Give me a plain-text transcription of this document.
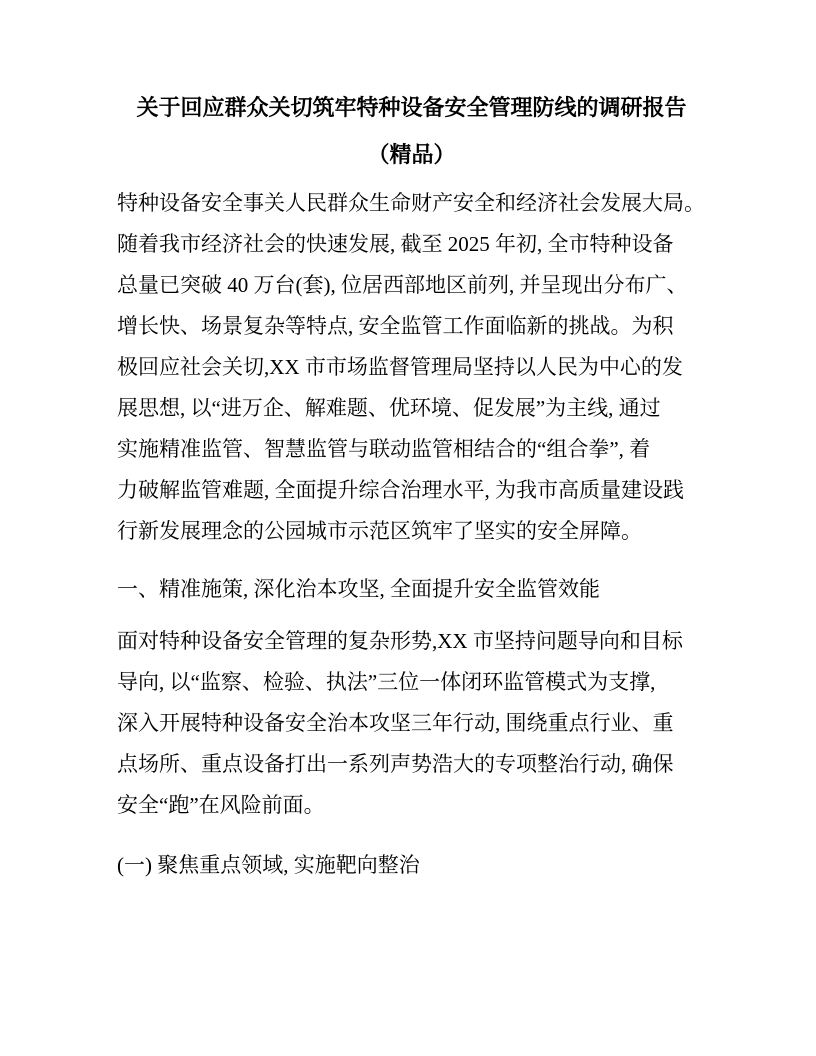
关于回应群众关切筑牢特种设备安全管理防线的调研报告
（精品）
特种设备安全事关人民群众生命财产安全和经济社会发展大局。
随着我市经济社会的快速发展, 截至 2025 年初, 全市特种设备
总量已突破 40 万台(套), 位居西部地区前列, 并呈现出分布广、
增长快、场景复杂等特点, 安全监管工作面临新的挑战。为积
极回应社会关切,XX 市市场监督管理局坚持以人民为中心的发
展思想, 以“进万企、解难题、优环境、促发展”为主线, 通过
实施精准监管、智慧监管与联动监管相结合的“组合拳”, 着
力破解监管难题, 全面提升综合治理水平, 为我市高质量建设践
行新发展理念的公园城市示范区筑牢了坚实的安全屏障。
一、精准施策, 深化治本攻坚, 全面提升安全监管效能
面对特种设备安全管理的复杂形势,XX 市坚持问题导向和目标
导向, 以“监察、检验、执法”三位一体闭环监管模式为支撑,
深入开展特种设备安全治本攻坚三年行动, 围绕重点行业、重
点场所、重点设备打出一系列声势浩大的专项整治行动, 确保
安全“跑”在风险前面。
(一) 聚焦重点领域, 实施靶向整治
